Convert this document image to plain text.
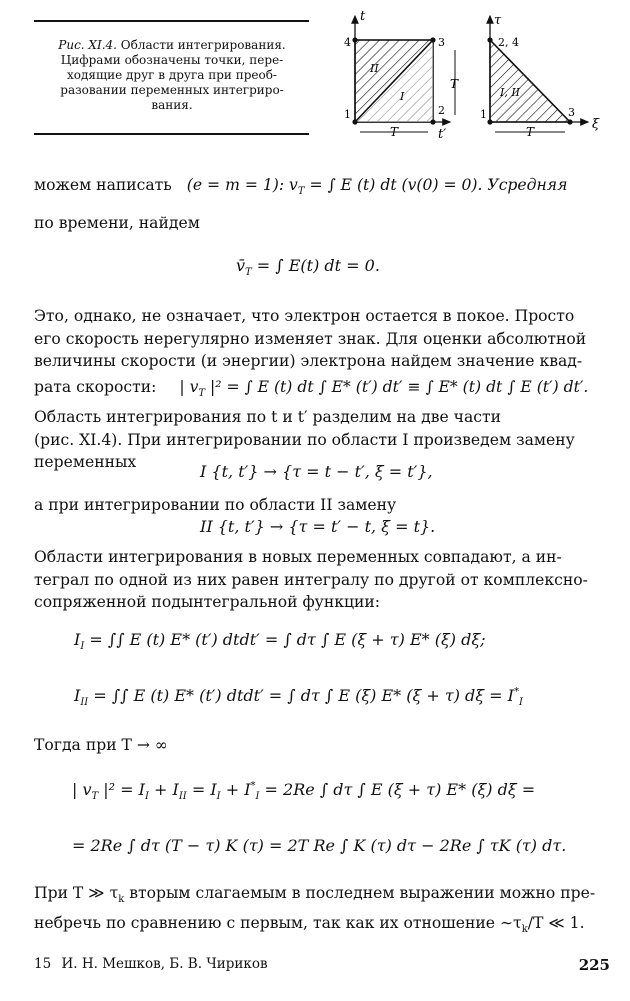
Рис. XI.4. Области интегрирования.
Цифрами обозначены точки, пере-
ходящие друг в друга при преоб-
разовании переменных интегриро-
вания.
t
t′
4	3
1	2
II
I
T
T
τ
ξ
2, 4
1	3
I, II
T
можем написать (e = m = 1): $v_T$ = ∫ E (t) dt (v(0) = 0). Усредняя
по времени, найдем
$v̄_T$ = ∫ E(t) dt = 0.
Это, однако, не означает, что электрон остается в покое. Просто
его скорость нерегулярно изменяет знак. Для оценки абсолютной
величины скорости (и энергии) электрона найдем значение квад-
рата скорости: | $v_T$ |² = ∫ E (t) dt ∫ E* (t′) dt′ ≡ ∫ E* (t) dt ∫ E (t′) dt′.
Область интегрирования по t и t′ разделим на две части
(рис. XI.4). При интегрировании по области I произведем замену
переменных	I {t, t′} → {τ = t − t′, ξ = t′},
а при интегрировании по области II замену
II {t, t′} → {τ = t′ − t, ξ = t}.
Области интегрирования в новых переменных совпадают, а ин-
теграл по одной из них равен интегралу по другой от комплексно-
сопряженной подынтегральной функции:
$I_I$ = ∫∫ E (t) E* (t′) dtdt′ = ∫ dτ ∫ E (ξ + τ) E* (ξ) dξ;
$I_{II}$ = ∫∫ E (t) E* (t′) dtdt′ = ∫ dτ ∫ E (ξ) E* (ξ + τ) $d\xi = I^*_I$
Тогда при T → ∞
| $v_T$ $|^2 = I_I + I_{II} = I_I + I^*_I = 2Re$ ∫ dτ ∫ E (ξ + τ) E* (ξ) dξ =
= 2Re ∫ dτ (T − τ) K (τ) = 2T Re ∫ K (τ) dτ − 2Re ∫ τK (τ) dτ.
При T ≫ $\tau_k$ вторым слагаемым в последнем выражении можно пре-
небречь по сравнению с первым, так как их отношение $\sim\tau_k/T$ ≪ 1.
15 И. Н. Мешков, Б. В. Чириков	225
